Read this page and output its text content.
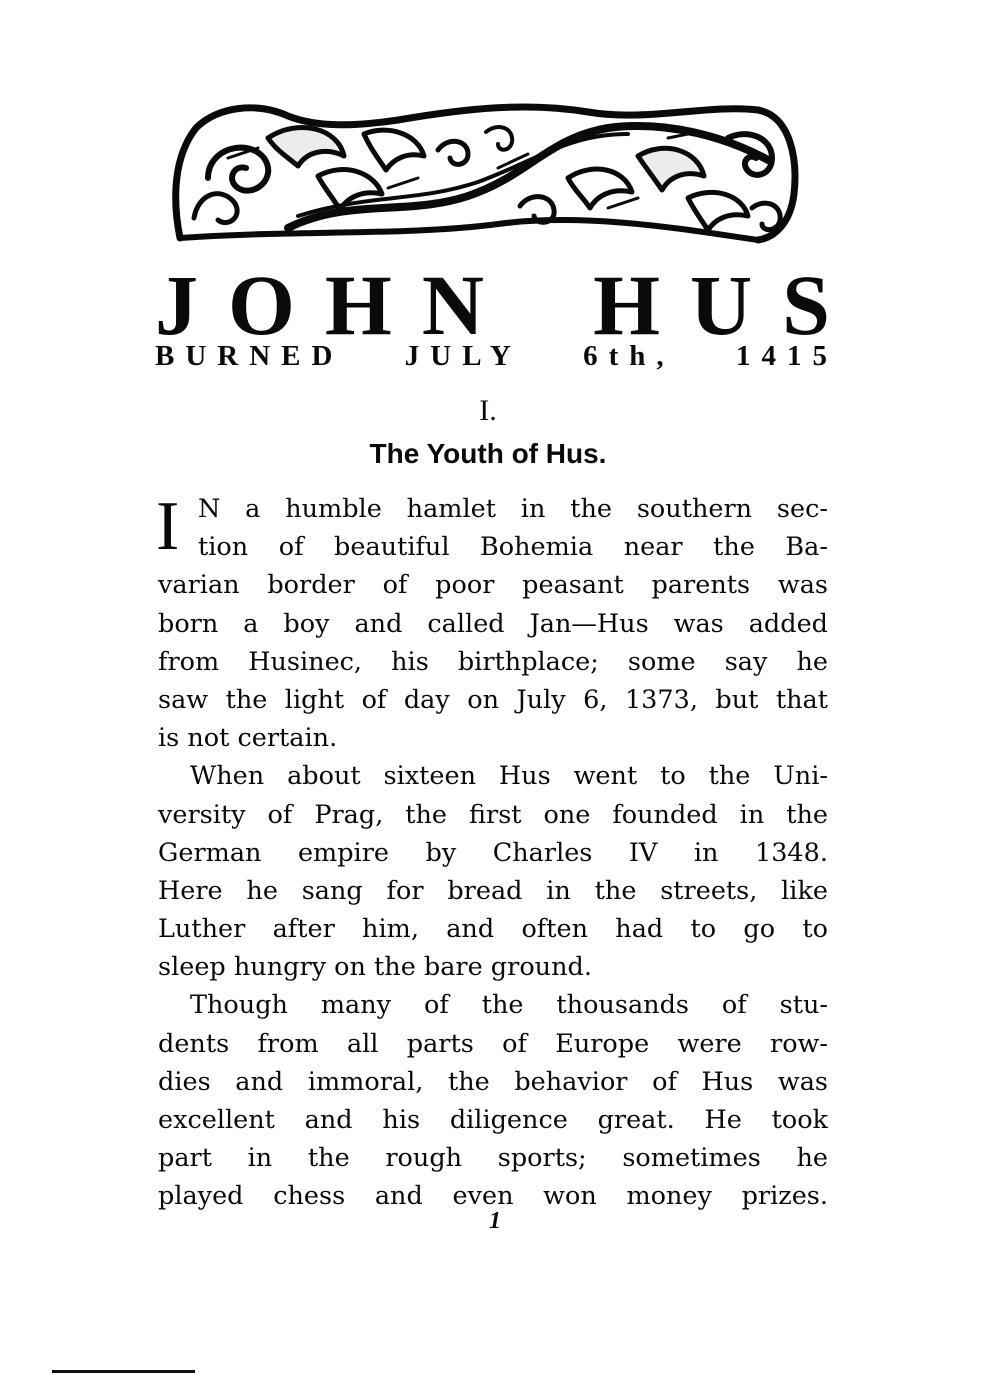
J O H N H U S
BURNED JULY 6th, 1415
I.
The Youth of Hus.
I N a humble hamlet in the southern sec-
tion of beautiful Bohemia near the Ba-
varian border of poor peasant parents was
born a boy and called Jan—Hus was added
from Husinec, his birthplace; some say he
saw the light of day on July 6, 1373, but that
is not certain.
When about sixteen Hus went to the Uni-
versity of Prag, the first one founded in the
German empire by Charles IV in 1348.
Here he sang for bread in the streets, like
Luther after him, and often had to go to
sleep hungry on the bare ground.
Though many of the thousands of stu-
dents from all parts of Europe were row-
dies and immoral, the behavior of Hus was
excellent and his diligence great. He took
part in the rough sports; sometimes he
played chess and even won money prizes.
1
